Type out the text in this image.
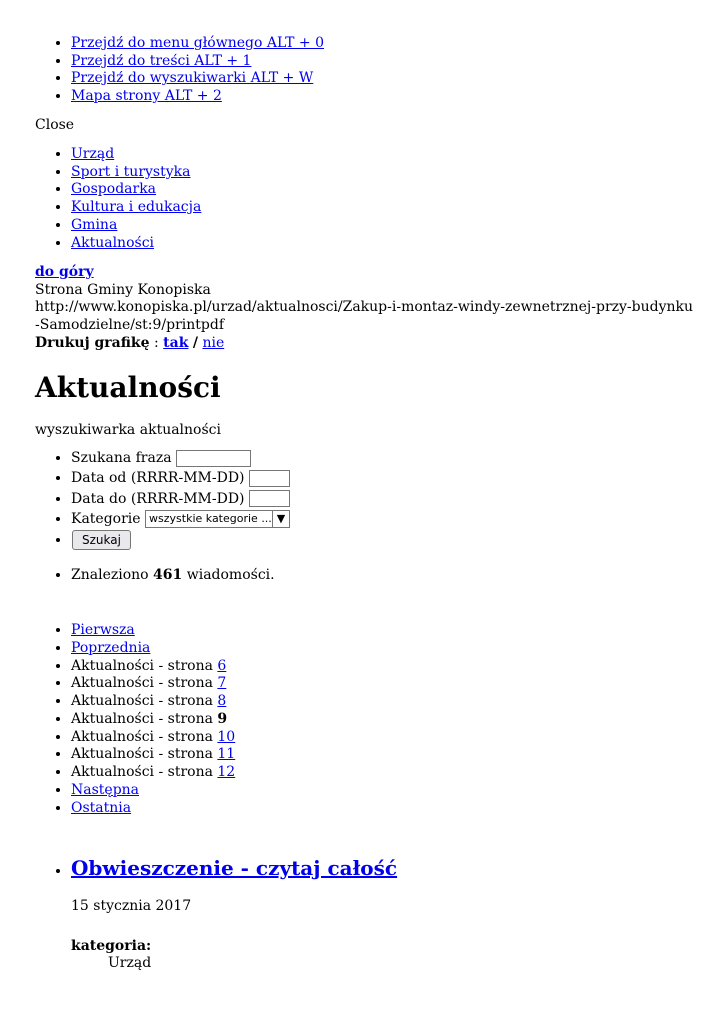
• Przejdź do menu głównego ALT + 0
• Przejdź do treści ALT + 1
• Przejdź do wyszukiwarki ALT + W
• Mapa strony ALT + 2
Close
• Urząd
• Sport i turystyka
• Gospodarka
• Kultura i edukacja
• Gmina
• Aktualności
do góry
Strona Gminy Konopiska
http://www.konopiska.pl/urzad/aktualnosci/Zakup-i-montaz-windy-zewnetrznej-przy-budynku-Samodzielne/st:9/printpdf
Drukuj grafikę : tak / nie
Aktualności
wyszukiwarka aktualności
• Szukana fraza
• Data od (RRRR-MM-DD)
• Data do (RRRR-MM-DD)
• Kategorie wszystkie kategorie ... ▼
• Szukaj
• Znaleziono 461 wiadomości.
• Pierwsza
• Poprzednia
• Aktualności - strona 6
• Aktualności - strona 7
• Aktualności - strona 8
• Aktualności - strona 9
• Aktualności - strona 10
• Aktualności - strona 11
• Aktualności - strona 12
• Następna
• Ostatnia
• Obwieszczenie - czytaj całość
15 stycznia 2017
kategoria:
Urząd
